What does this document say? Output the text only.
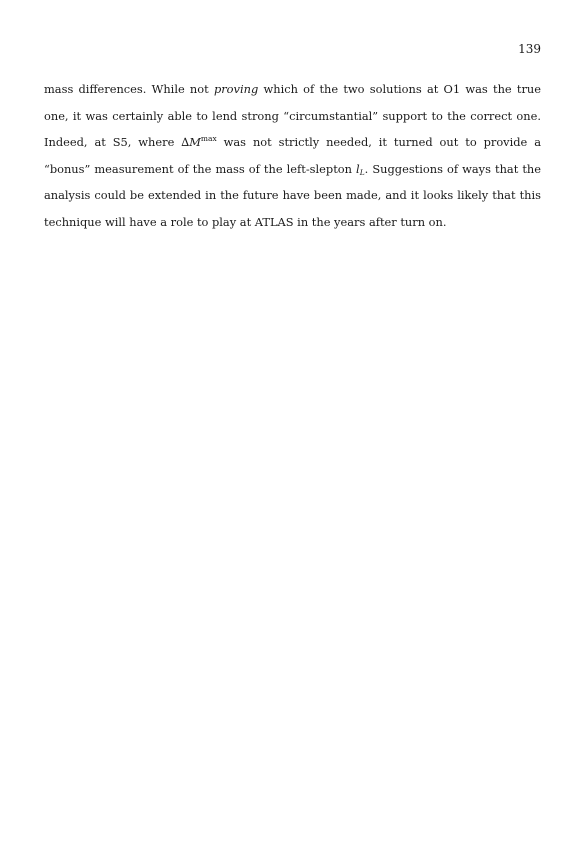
139

mass differences. While not proving which of the two solutions at O1 was the true one, it was certainly able to lend strong “circumstantial” support to the correct one. Indeed, at S5, where $\Delta M^{max}$ was not strictly needed, it turned out to provide a “bonus” measurement of the mass of the left-slepton $l_L$. Suggestions of ways that the analysis could be extended in the future have been made, and it looks likely that this technique will have a role to play at ATLAS in the years after turn on.
